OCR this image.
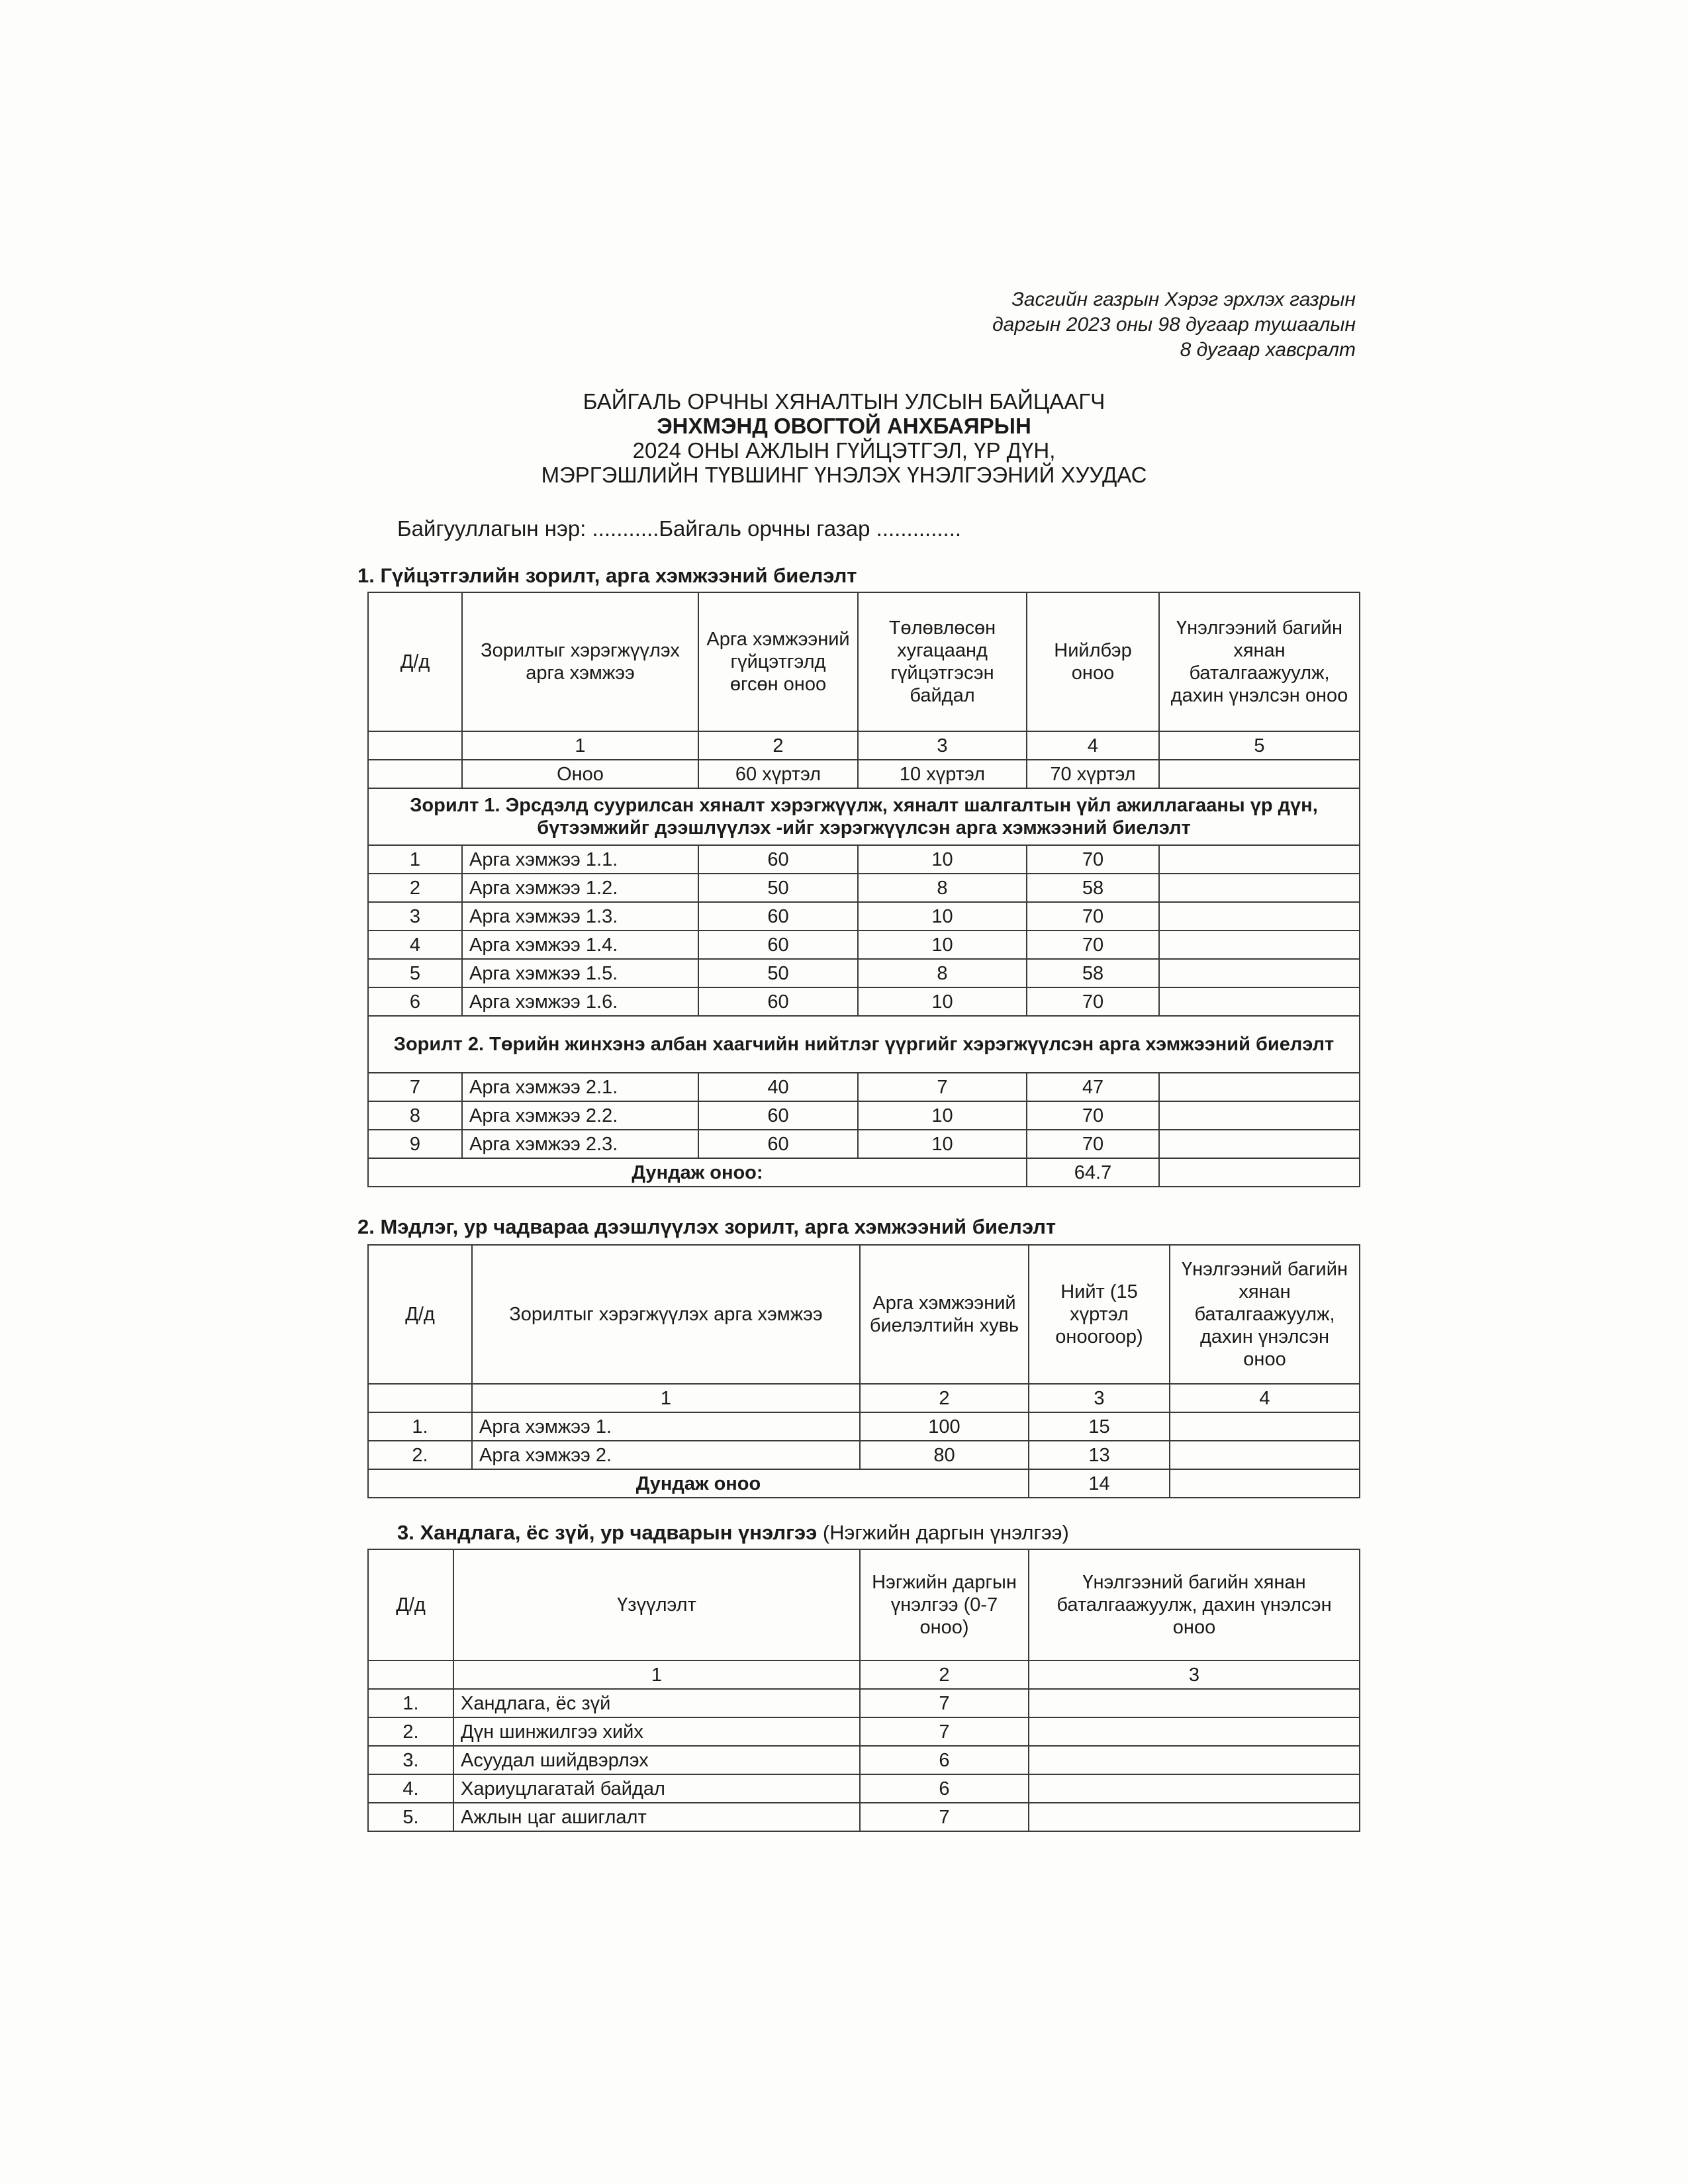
Засгийн газрын Хэрэг эрхлэх газрын
даргын 2023 оны 98 дугаар тушаалын
8 дугаар хавсралт
БАЙГАЛЬ ОРЧНЫ ХЯНАЛТЫН УЛСЫН БАЙЦААГЧ
ЭНХМЭНД ОВОГТОЙ АНХБАЯРЫН
2024 ОНЫ АЖЛЫН ГҮЙЦЭТГЭЛ, ҮР ДҮН,
МЭРГЭШЛИЙН ТҮВШИНГ ҮНЭЛЭХ ҮНЭЛГЭЭНИЙ ХУУДАС
Байгууллагын нэр: ...........Байгаль орчны газар ..............
1. Гүйцэтгэлийн зорилт, арга хэмжээний биелэлт
Д/д	Зорилтыг хэрэгжүүлэх арга хэмжээ	Арга хэмжээний гүйцэтгэлд өгсөн оноо	Төлөвлөсөн хугацаанд гүйцэтгэсэн байдал	Нийлбэр оноо	Үнэлгээний багийн хянан баталгаажуулж, дахин үнэлсэн оноо
	1	2	3	4	5
	Оноо	60 хүртэл	10 хүртэл	70 хүртэл	
Зорилт 1. Эрсдэлд суурилсан хяналт хэрэгжүүлж, хяналт шалгалтын үйл ажиллагааны үр дүн, бүтээмжийг дээшлүүлэх -ийг хэрэгжүүлсэн арга хэмжээний биелэлт					
1	Арга хэмжээ 1.1.	60	10	70	
2	Арга хэмжээ 1.2.	50	8	58	
3	Арга хэмжээ 1.3.	60	10	70	
4	Арга хэмжээ 1.4.	60	10	70	
5	Арга хэмжээ 1.5.	50	8	58	
6	Арга хэмжээ 1.6.	60	10	70	
Зорилт 2. Төрийн жинхэнэ албан хаагчийн нийтлэг үүргийг хэрэгжүүлсэн арга хэмжээний биелэлт					
7	Арга хэмжээ 2.1.	40	7	47	
8	Арга хэмжээ 2.2.	60	10	70	
9	Арга хэмжээ 2.3.	60	10	70	
Дундаж оноо:				64.7	
2. Мэдлэг, ур чадвараа дээшлүүлэх зорилт, арга хэмжээний биелэлт
Д/д	Зорилтыг хэрэгжүүлэх арга хэмжээ	Арга хэмжээний биелэлтийн хувь	Нийт (15 хүртэл оноогоор)	Үнэлгээний багийн хянан баталгаажуулж, дахин үнэлсэн оноо
	1	2	3	4
1.	Арга хэмжээ 1.	100	15	
2.	Арга хэмжээ 2.	80	13	
Дундаж оноо			14	
3. Хандлага, ёс зүй, ур чадварын үнэлгээ (Нэгжийн даргын үнэлгээ)
Д/д	Үзүүлэлт	Нэгжийн даргын үнэлгээ (0-7 оноо)	Үнэлгээний багийн хянан баталгаажуулж, дахин үнэлсэн оноо
	1	2	3
1.	Хандлага, ёс зүй	7	
2.	Дүн шинжилгээ хийх	7	
3.	Асуудал шийдвэрлэх	6	
4.	Хариуцлагатай байдал	6	
5.	Ажлын цаг ашиглалт	7	
